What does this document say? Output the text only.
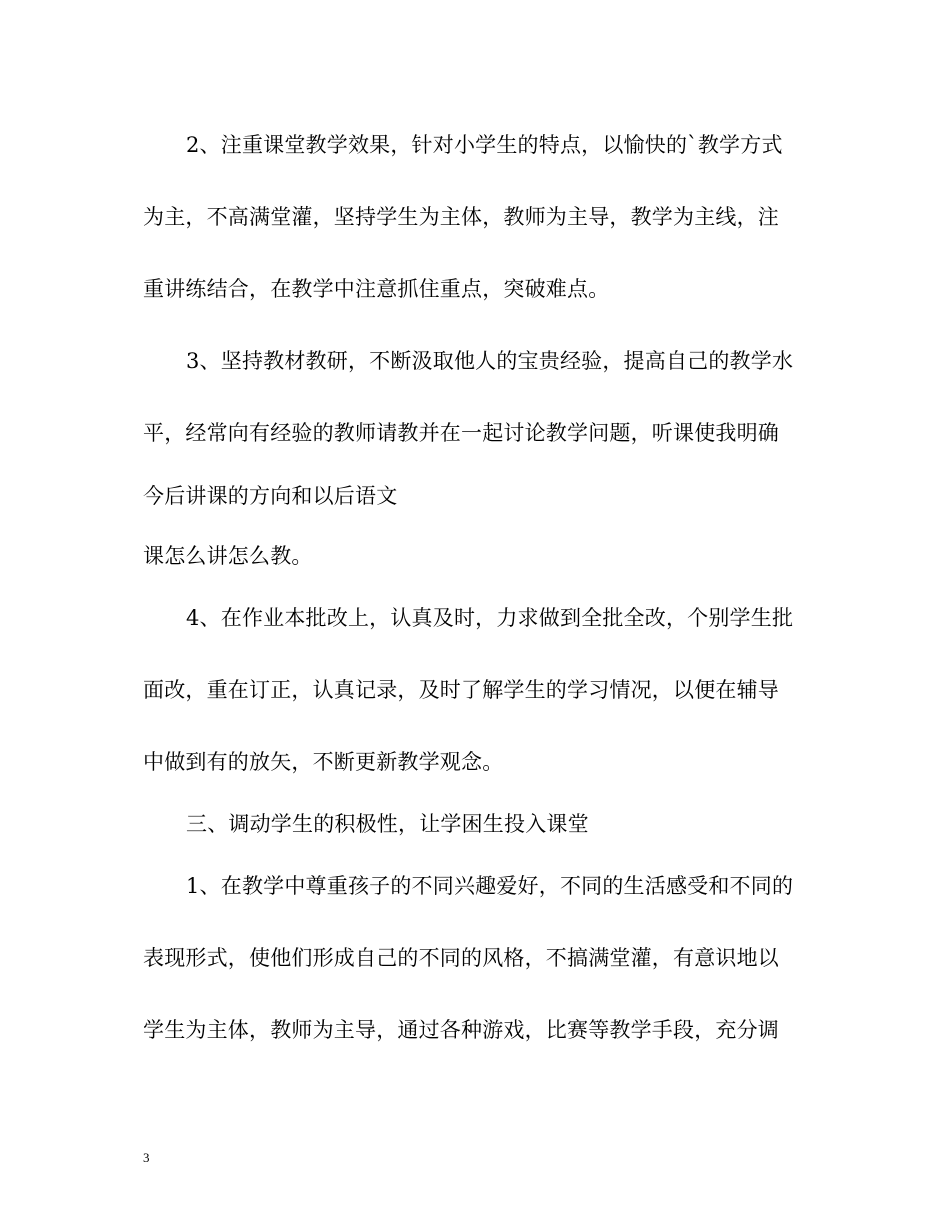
2、注重课堂教学效果，针对小学生的特点，以愉快的`教学方式
为主，不高满堂灌，坚持学生为主体，教师为主导，教学为主线，注
重讲练结合，在教学中注意抓住重点，突破难点。
3、坚持教材教研，不断汲取他人的宝贵经验，提高自己的教学水
平，经常向有经验的教师请教并在一起讨论教学问题，听课使我明确
今后讲课的方向和以后语文
课怎么讲怎么教。
4、在作业本批改上，认真及时，力求做到全批全改，个别学生批
面改，重在订正，认真记录，及时了解学生的学习情况，以便在辅导
中做到有的放矢，不断更新教学观念。
三、调动学生的积极性，让学困生投入课堂
1、在教学中尊重孩子的不同兴趣爱好，不同的生活感受和不同的
表现形式，使他们形成自己的不同的风格，不搞满堂灌，有意识地以
学生为主体，教师为主导，通过各种游戏，比赛等教学手段，充分调
3
